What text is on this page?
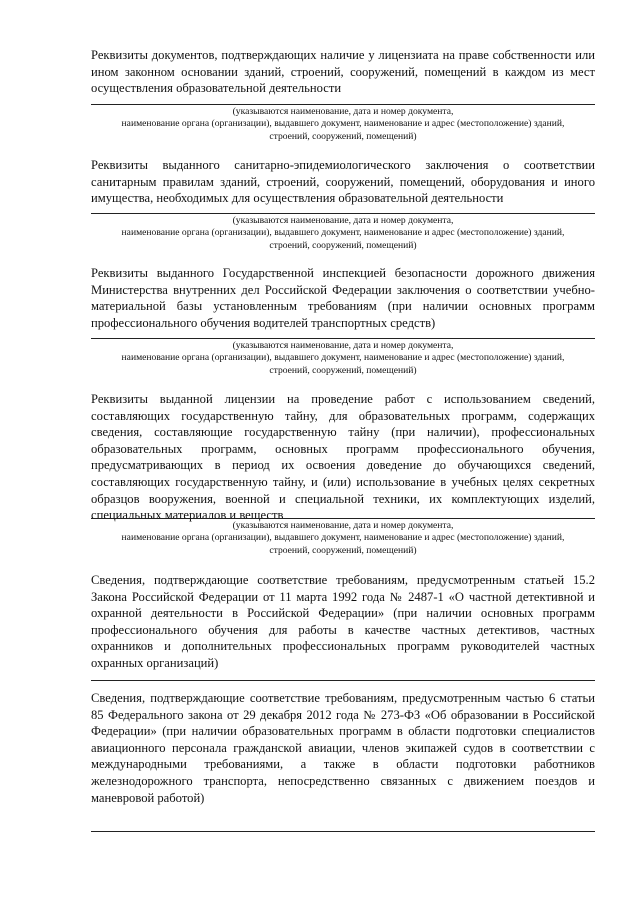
Реквизиты документов, подтверждающих наличие у лицензиата на праве собственности или ином законном основании зданий, строений, сооружений, помещений в каждом из мест осуществления образовательной деятельности

(указываются наименование, дата и номер документа,
наименование органа (организации), выдавшего документ, наименование и адрес (местоположение) зданий,
строений, сооружений, помещений)

Реквизиты выданного санитарно-эпидемиологического заключения о соответствии санитарным правилам зданий, строений, сооружений, помещений, оборудования и иного имущества, необходимых для осуществления образовательной деятельности

(указываются наименование, дата и номер документа,
наименование органа (организации), выдавшего документ, наименование и адрес (местоположение) зданий,
строений, сооружений, помещений)

Реквизиты выданного Государственной инспекцией безопасности дорожного движения Министерства внутренних дел Российской Федерации заключения о соответствии учебно-материальной базы установленным требованиям (при наличии основных программ профессионального обучения водителей транспортных средств)

(указываются наименование, дата и номер документа,
наименование органа (организации), выдавшего документ, наименование и адрес (местоположение) зданий,
строений, сооружений, помещений)

Реквизиты выданной лицензии на проведение работ с использованием сведений, составляющих государственную тайну, для образовательных программ, содержащих сведения, составляющие государственную тайну (при наличии), профессиональных образовательных программ, основных программ профессионального обучения, предусматривающих в период их освоения доведение до обучающихся сведений, составляющих государственную тайну, и (или) использование в учебных целях секретных образцов вооружения, военной и специальной техники, их комплектующих изделий, специальных материалов и веществ

(указываются наименование, дата и номер документа,
наименование органа (организации), выдавшего документ, наименование и адрес (местоположение) зданий,
строений, сооружений, помещений)

Сведения, подтверждающие соответствие требованиям, предусмотренным статьей 15.2 Закона Российской Федерации от 11 марта 1992 года № 2487-1 «О частной детективной и охранной деятельности в Российской Федерации» (при наличии основных программ профессионального обучения для работы в качестве частных детективов, частных охранников и дополнительных профессиональных программ руководителей частных охранных организаций)

Сведения, подтверждающие соответствие требованиям, предусмотренным частью 6 статьи 85 Федерального закона от 29 декабря 2012 года № 273-ФЗ «Об образовании в Российской Федерации» (при наличии образовательных программ в области подготовки специалистов авиационного персонала гражданской авиации, членов экипажей судов в соответствии с международными требованиями, а также в области подготовки работников железнодорожного транспорта, непосредственно связанных с движением поездов и маневровой работой)
